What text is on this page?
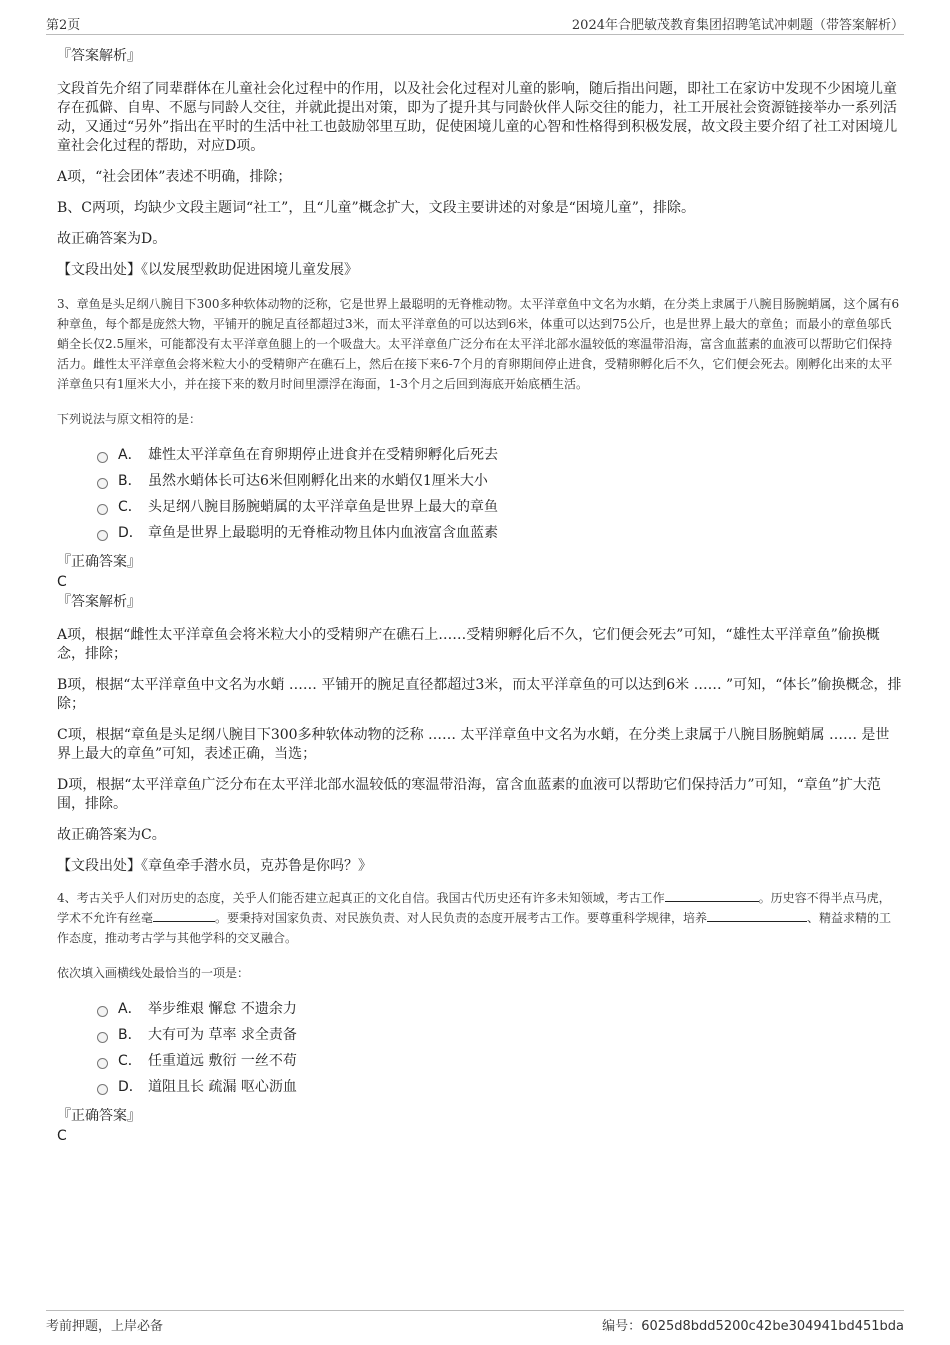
第2页	2024年合肥敏茂教育集团招聘笔试冲刺题（带答案解析）

『答案解析』

文段首先介绍了同辈群体在儿童社会化过程中的作用，以及社会化过程对儿童的影响，随后指出问题，即社工在家访中发现不少困境儿童存在孤僻、自卑、不愿与同龄人交往，并就此提出对策，即为了提升其与同龄伙伴人际交往的能力，社工开展社会资源链接举办一系列活动，又通过“另外”指出在平时的生活中社工也鼓励邻里互助，促使困境儿童的心智和性格得到积极发展，故文段主要介绍了社工对困境儿童社会化过程的帮助，对应D项。

A项，“社会团体”表述不明确，排除；

B、C两项，均缺少文段主题词“社工”，且“儿童”概念扩大，文段主要讲述的对象是“困境儿童”，排除。

故正确答案为D。

【文段出处】《以发展型救助促进困境儿童发展》

3、章鱼是头足纲八腕目下300多种软体动物的泛称，它是世界上最聪明的无脊椎动物。太平洋章鱼中文名为水蛸，在分类上隶属于八腕目肠腕蛸属，这个属有6种章鱼，每个都是庞然大物，平铺开的腕足直径都超过3米，而太平洋章鱼的可以达到6米，体重可以达到75公斤，也是世界上最大的章鱼；而最小的章鱼邬氏蛸全长仅2.5厘米，可能都没有太平洋章鱼腿上的一个吸盘大。太平洋章鱼广泛分布在太平洋北部水温较低的寒温带沿海，富含血蓝素的血液可以帮助它们保持活力。雌性太平洋章鱼会将米粒大小的受精卵产在礁石上，然后在接下来6-7个月的育卵期间停止进食，受精卵孵化后不久，它们便会死去。刚孵化出来的太平洋章鱼只有1厘米大小，并在接下来的数月时间里漂浮在海面，1-3个月之后回到海底开始底栖生活。

下列说法与原文相符的是：

A． 雄性太平洋章鱼在育卵期停止进食并在受精卵孵化后死去
B． 虽然水蛸体长可达6米但刚孵化出来的水蛸仅1厘米大小
C． 头足纲八腕目肠腕蛸属的太平洋章鱼是世界上最大的章鱼
D． 章鱼是世界上最聪明的无脊椎动物且体内血液富含血蓝素

『正确答案』

C

『答案解析』

A项，根据“雌性太平洋章鱼会将米粒大小的受精卵产在礁石上……受精卵孵化后不久，它们便会死去”可知，“雄性太平洋章鱼”偷换概念，排除；

B项，根据“太平洋章鱼中文名为水蛸 …… 平铺开的腕足直径都超过3米，而太平洋章鱼的可以达到6米 …… ”可知，“体长”偷换概念，排除；

C项，根据“章鱼是头足纲八腕目下300多种软体动物的泛称 …… 太平洋章鱼中文名为水蛸，在分类上隶属于八腕目肠腕蛸属 …… 是世界上最大的章鱼”可知，表述正确，当选；

D项，根据“太平洋章鱼广泛分布在太平洋北部水温较低的寒温带沿海，富含血蓝素的血液可以帮助它们保持活力”可知，“章鱼”扩大范围，排除。

故正确答案为C。

【文段出处】《章鱼牵手潜水员，克苏鲁是你吗？》

4、考古关乎人们对历史的态度，关乎人们能否建立起真正的文化自信。我国古代历史还有许多未知领域，考古工作	。历史容不得半点马虎，学术不允许有丝毫	。要秉持对国家负责、对民族负责、对人民负责的态度开展考古工作。要尊重科学规律，培养	、精益求精的工作态度，推动考古学与其他学科的交叉融合。

依次填入画横线处最恰当的一项是：

A． 举步维艰 懈怠 不遗余力
B． 大有可为 草率 求全责备
C． 任重道远 敷衍 一丝不苟
D． 道阻且长 疏漏 呕心沥血

『正确答案』

C

考前押题，上岸必备	编号：6025d8bdd5200c42be304941bd451bda
